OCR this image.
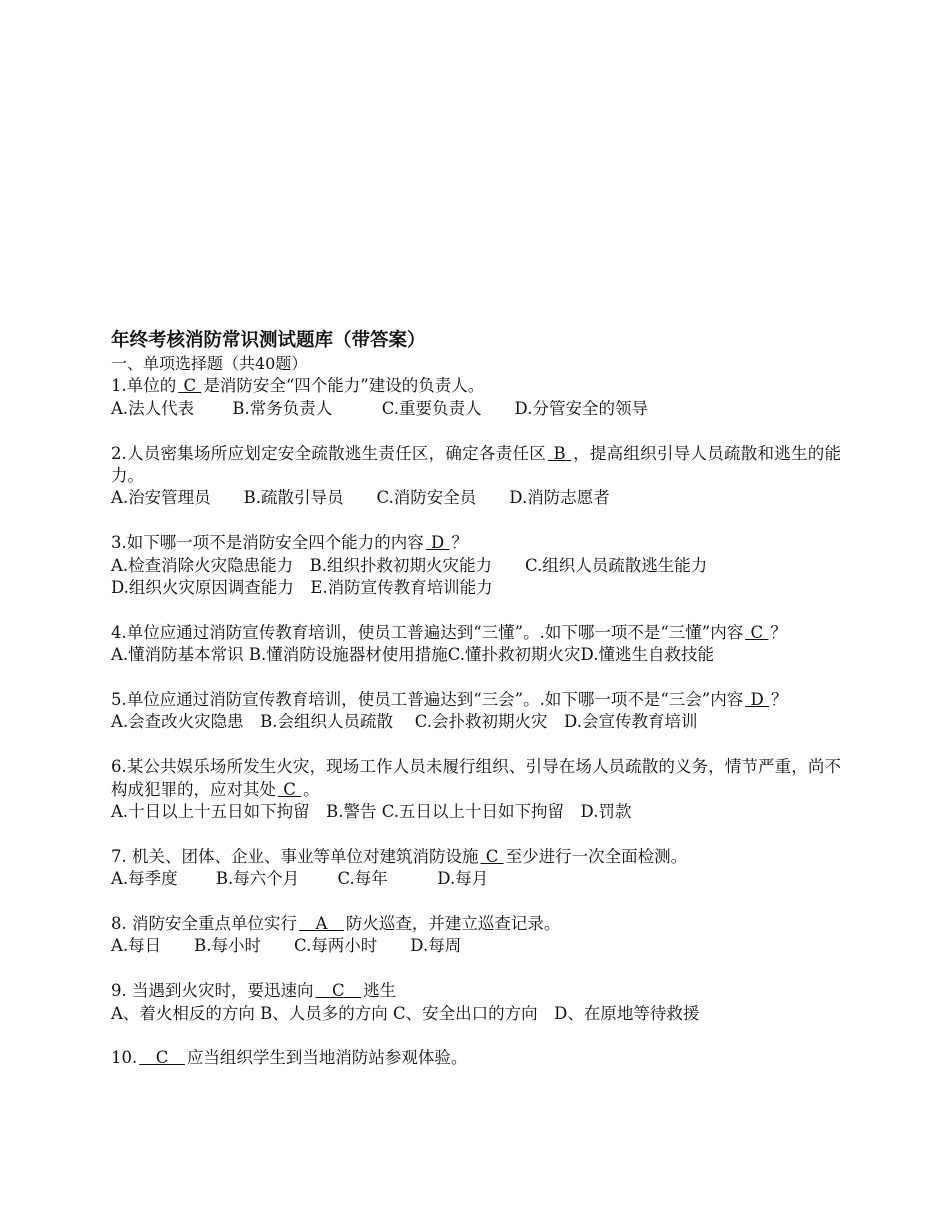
年终考核消防常识测试题库（带答案）
一、单项选择题（共40题）
1.单位的 C 是消防安全“四个能力”建设的负责人。
A.法人代表　　 B.常务负责人　　　C.重要负责人　　D.分管安全的领导
2.人员密集场所应划定安全疏散逃生责任区，确定各责任区 B ，提高组织引导人员疏散和逃生的能力。
A.治安管理员　　B.疏散引导员　　C.消防安全员　　D.消防志愿者
3.如下哪一项不是消防安全四个能力的内容 D ？
A.检查消除火灾隐患能力　B.组织扑救初期火灾能力　　C.组织人员疏散逃生能力
D.组织火灾原因调查能力　E.消防宣传教育培训能力
4.单位应通过消防宣传教育培训，使员工普遍达到“三懂”。.如下哪一项不是“三懂”内容 C ？
A.懂消防基本常识 B.懂消防设施器材使用措施C.懂扑救初期火灾D.懂逃生自救技能
5.单位应通过消防宣传教育培训，使员工普遍达到“三会”。.如下哪一项不是“三会”内容 D ？
A.会查改火灾隐患　B.会组织人员疏散　 C.会扑救初期火灾　D.会宣传教育培训
6.某公共娱乐场所发生火灾，现场工作人员未履行组织、引导在场人员疏散的义务，情节严重，尚不构成犯罪的，应对其处 C 。
A.十日以上十五日如下拘留　B.警告 C.五日以上十日如下拘留　D.罚款
7. 机关、团体、企业、事业等单位对建筑消防设施 C 至少进行一次全面检测。
A.每季度　　 B.每六个月　　 C.每年　　　D.每月
8. 消防安全重点单位实行　A　防火巡查，并建立巡查记录。
A.每日　　B.每小时　　C.每两小时　　D.每周
9. 当遇到火灾时，要迅速向　C　逃生
A、着火相反的方向 B、人员多的方向 C、安全出口的方向　D、在原地等待救援
10.　C　应当组织学生到当地消防站参观体验。
